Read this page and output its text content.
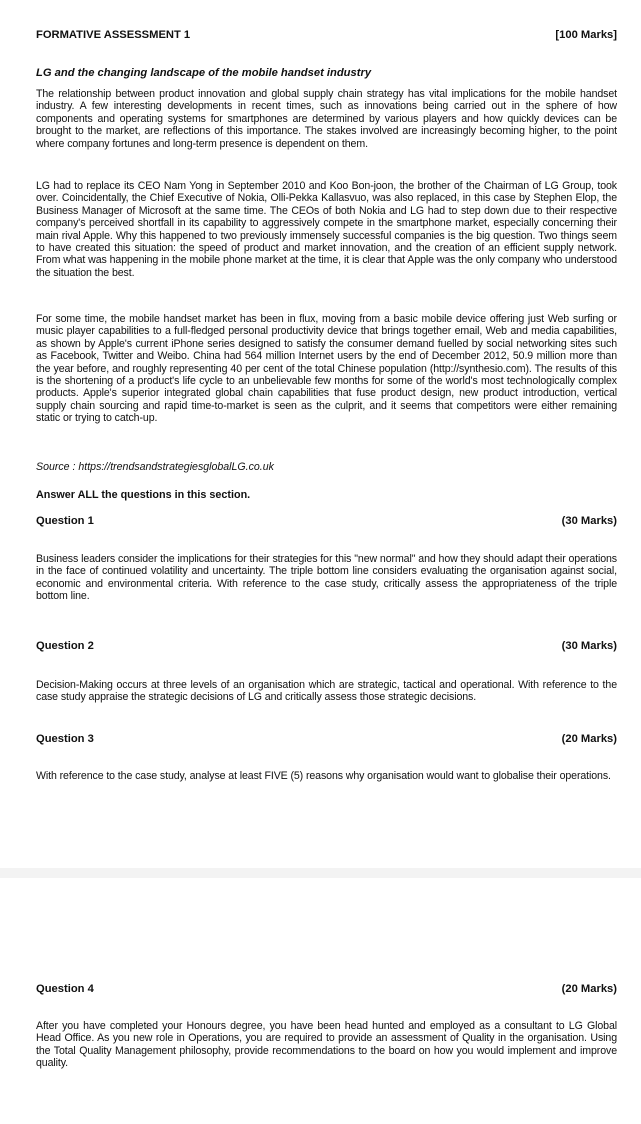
FORMATIVE ASSESSMENT 1	[100 Marks]
LG and the changing landscape of the mobile handset industry

The relationship between product innovation and global supply chain strategy has vital implications for the mobile handset industry. A few interesting developments in recent times, such as innovations being carried out in the sphere of how components and operating systems for smartphones are determined by various players and how quickly devices can be brought to the market, are reflections of this importance. The stakes involved are increasingly becoming higher, to the point where company fortunes and long-term presence is dependent on them.

LG had to replace its CEO Nam Yong in September 2010 and Koo Bon-joon, the brother of the Chairman of LG Group, took over. Coincidentally, the Chief Executive of Nokia, Olli-Pekka Kallasvuo, was also replaced, in this case by Stephen Elop, the Business Manager of Microsoft at the same time. The CEOs of both Nokia and LG had to step down due to their respective company's perceived shortfall in its capability to aggressively compete in the smartphone market, especially concerning their main rival Apple. Why this happened to two previously immensely successful companies is the big question. Two things seem to have created this situation: the speed of product and market innovation, and the creation of an efficient supply network. From what was happening in the mobile phone market at the time, it is clear that Apple was the only company who understood the situation the best.

For some time, the mobile handset market has been in flux, moving from a basic mobile device offering just Web surfing or music player capabilities to a full-fledged personal productivity device that brings together email, Web and media capabilities, as shown by Apple's current iPhone series designed to satisfy the consumer demand fuelled by social networking sites such as Facebook, Twitter and Weibo. China had 564 million Internet users by the end of December 2012, 50.9 million more than the year before, and roughly representing 40 per cent of the total Chinese population (http://synthesio.com). The results of this is the shortening of a product's life cycle to an unbelievable few months for some of the world's most technologically complex products. Apple's superior integrated global chain capabilities that fuse product design, new product introduction, vertical supply chain sourcing and rapid time-to-market is seen as the culprit, and it seems that competitors were either remaining static or trying to catch-up.

Source : https://trendsandstrategiesglobalLG.co.uk
Answer ALL the questions in this section.
Question 1	(30 Marks)

Business leaders consider the implications for their strategies for this "new normal" and how they should adapt their operations in the face of continued volatility and uncertainty. The triple bottom line considers evaluating the organisation against social, economic and environmental criteria. With reference to the case study, critically assess the appropriateness of the triple bottom line.

Question 2	(30 Marks)

Decision-Making occurs at three levels of an organisation which are strategic, tactical and operational. With reference to the case study appraise the strategic decisions of LG and critically assess those strategic decisions.

Question 3	(20 Marks)

With reference to the case study, analyse at least FIVE (5) reasons why organisation would want to globalise their operations.

Question 4	(20 Marks)

After you have completed your Honours degree, you have been head hunted and employed as a consultant to LG Global Head Office. As you new role in Operations, you are required to provide an assessment of Quality in the organisation. Using the Total Quality Management philosophy, provide recommendations to the board on how you would implement and improve quality.
